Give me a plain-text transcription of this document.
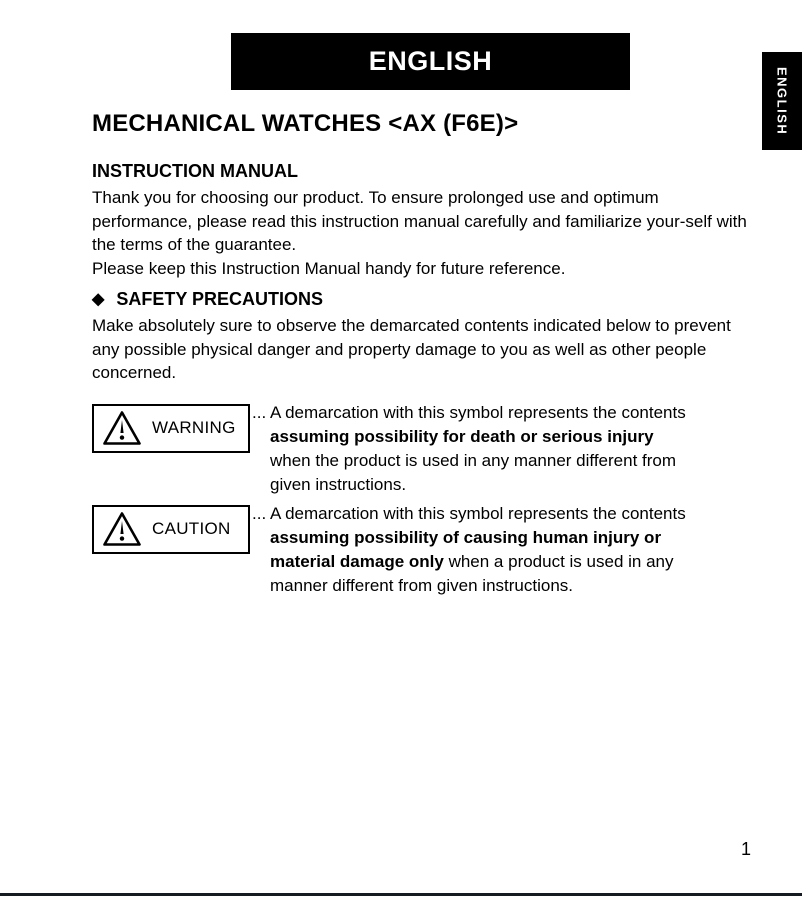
ENGLISH
ENGLISH
MECHANICAL WATCHES <AX (F6E)>
INSTRUCTION MANUAL

Thank you for choosing our product. To ensure prolonged use and optimum performance, please read this instruction manual carefully and familiarize your-self with the terms of the guarantee.

Please keep this Instruction Manual handy for future reference.

◆ SAFETY PRECAUTIONS

Make absolutely sure to observe the demarcated contents indicated below to prevent any possible physical danger and property damage to you as well as other people concerned.

WARNING
... A demarcation with this symbol represents the contents
assuming possibility for death or serious injury
when the product is used in any manner different from
given instructions.
CAUTION
... A demarcation with this symbol represents the contents
assuming possibility of causing human injury or
material damage only when a product is used in any
manner different from given instructions.
1
